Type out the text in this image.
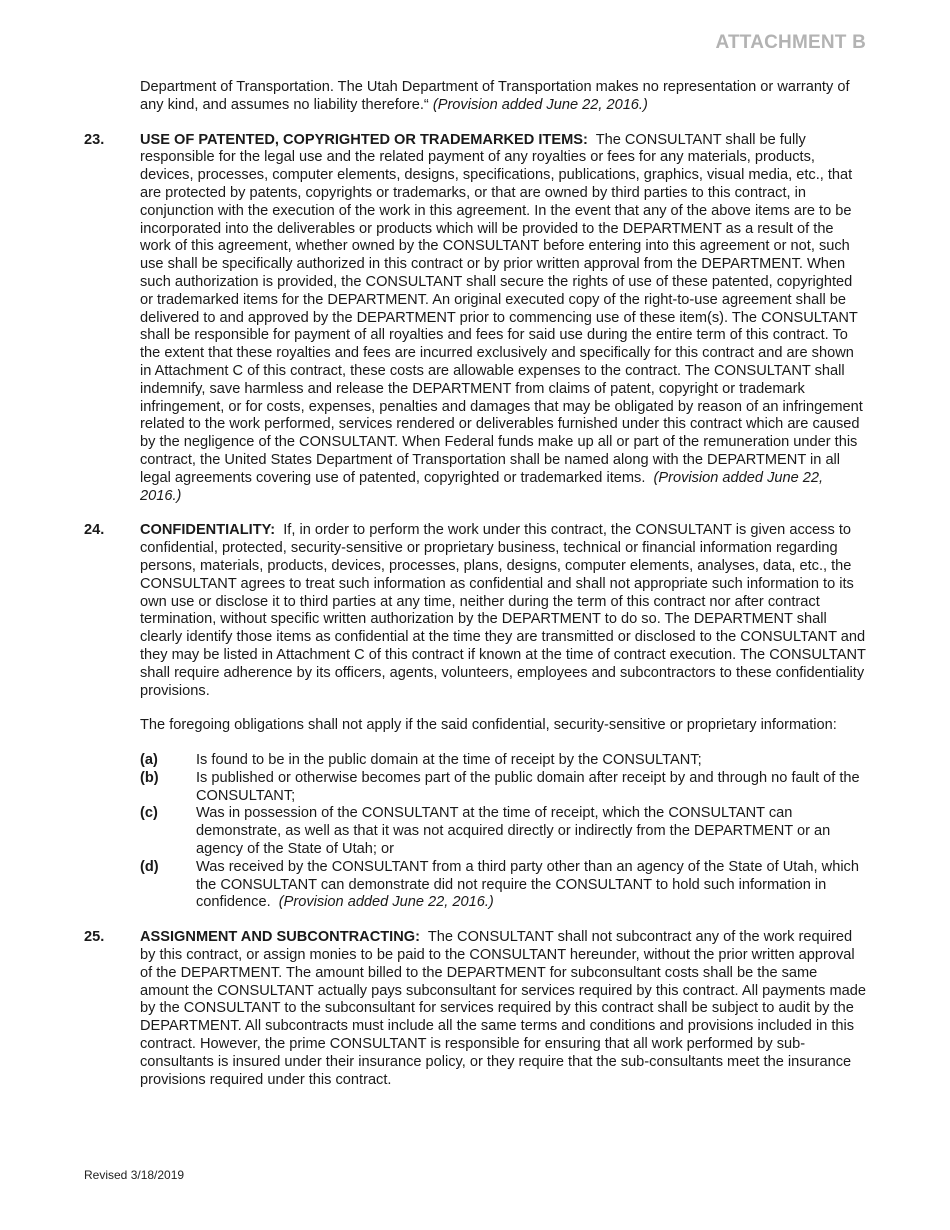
ATTACHMENT B
Department of Transportation. The Utah Department of Transportation makes no representation or warranty of any kind, and assumes no liability therefore.“ (Provision added June 22, 2016.)
23.	USE OF PATENTED, COPYRIGHTED OR TRADEMARKED ITEMS: The CONSULTANT shall be fully responsible for the legal use and the related payment of any royalties or fees for any materials, products, devices, processes, computer elements, designs, specifications, publications, graphics, visual media, etc., that are protected by patents, copyrights or trademarks, or that are owned by third parties to this contract, in conjunction with the execution of the work in this agreement. In the event that any of the above items are to be incorporated into the deliverables or products which will be provided to the DEPARTMENT as a result of the work of this agreement, whether owned by the CONSULTANT before entering into this agreement or not, such use shall be specifically authorized in this contract or by prior written approval from the DEPARTMENT. When such authorization is provided, the CONSULTANT shall secure the rights of use of these patented, copyrighted or trademarked items for the DEPARTMENT. An original executed copy of the right-to-use agreement shall be delivered to and approved by the DEPARTMENT prior to commencing use of these item(s). The CONSULTANT shall be responsible for payment of all royalties and fees for said use during the entire term of this contract. To the extent that these royalties and fees are incurred exclusively and specifically for this contract and are shown in Attachment C of this contract, these costs are allowable expenses to the contract. The CONSULTANT shall indemnify, save harmless and release the DEPARTMENT from claims of patent, copyright or trademark infringement, or for costs, expenses, penalties and damages that may be obligated by reason of an infringement related to the work performed, services rendered or deliverables furnished under this contract which are caused by the negligence of the CONSULTANT. When Federal funds make up all or part of the remuneration under this contract, the United States Department of Transportation shall be named along with the DEPARTMENT in all legal agreements covering use of patented, copyrighted or trademarked items. (Provision added June 22, 2016.)
24.	CONFIDENTIALITY: If, in order to perform the work under this contract, the CONSULTANT is given access to confidential, protected, security-sensitive or proprietary business, technical or financial information regarding persons, materials, products, devices, processes, plans, designs, computer elements, analyses, data, etc., the CONSULTANT agrees to treat such information as confidential and shall not appropriate such information to its own use or disclose it to third parties at any time, neither during the term of this contract nor after contract termination, without specific written authorization by the DEPARTMENT to do so. The DEPARTMENT shall clearly identify those items as confidential at the time they are transmitted or disclosed to the CONSULTANT and they may be listed in Attachment C of this contract if known at the time of contract execution. The CONSULTANT shall require adherence by its officers, agents, volunteers, employees and subcontractors to these confidentiality provisions.
The foregoing obligations shall not apply if the said confidential, security-sensitive or proprietary information:
(a)	Is found to be in the public domain at the time of receipt by the CONSULTANT;
(b)	Is published or otherwise becomes part of the public domain after receipt by and through no fault of the CONSULTANT;
(c)	Was in possession of the CONSULTANT at the time of receipt, which the CONSULTANT can demonstrate, as well as that it was not acquired directly or indirectly from the DEPARTMENT or an agency of the State of Utah; or
(d)	Was received by the CONSULTANT from a third party other than an agency of the State of Utah, which the CONSULTANT can demonstrate did not require the CONSULTANT to hold such information in confidence. (Provision added June 22, 2016.)
25.	ASSIGNMENT AND SUBCONTRACTING: The CONSULTANT shall not subcontract any of the work required by this contract, or assign monies to be paid to the CONSULTANT hereunder, without the prior written approval of the DEPARTMENT. The amount billed to the DEPARTMENT for subconsultant costs shall be the same amount the CONSULTANT actually pays subconsultant for services required by this contract. All payments made by the CONSULTANT to the subconsultant for services required by this contract shall be subject to audit by the DEPARTMENT. All subcontracts must include all the same terms and conditions and provisions included in this contract. However, the prime CONSULTANT is responsible for ensuring that all work performed by sub-consultants is insured under their insurance policy, or they require that the sub-consultants meet the insurance provisions required under this contract.
Revised 3/18/2019
